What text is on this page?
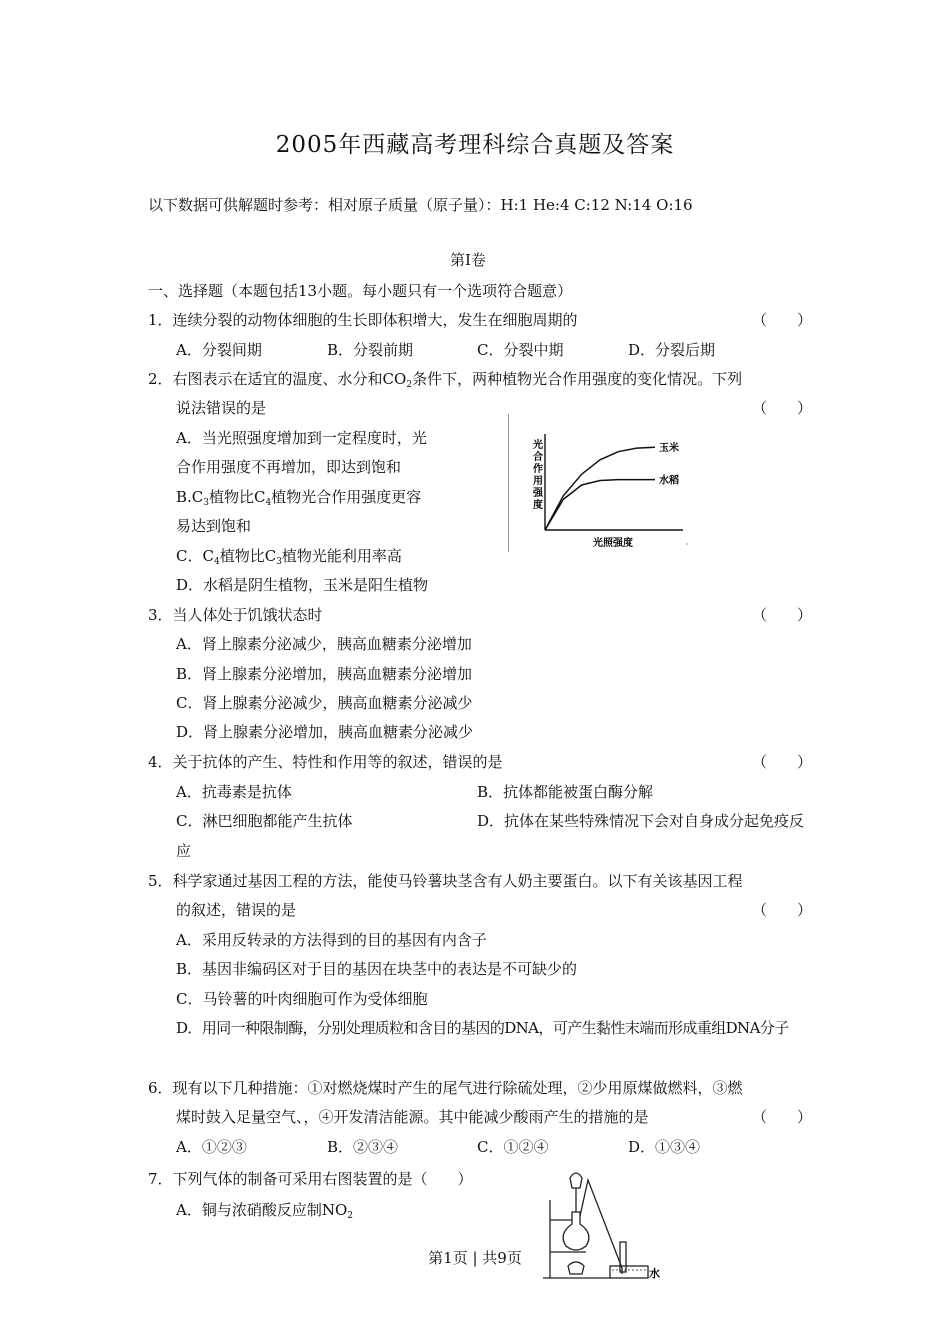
2005年西藏高考理科综合真题及答案
以下数据可供解题时参考：相对原子质量（原子量）：H:1 He:4 C:12 N:14 O:16
第Ⅰ卷
一、选择题（本题包括13小题。每小题只有一个选项符合题意）
1．连续分裂的动物体细胞的生长即体积增大，发生在细胞周期的	（　　）
A．分裂间期	B．分裂前期	C．分裂中期	D．分裂后期
2．右图表示在适宜的温度、水分和$CO_2$条件下，两种植物光合作用强度的变化情况。下列
说法错误的是	（　　）
A．当光照强度增加到一定程度时，光
合作用强度不再增加，即达到饱和
$B.C_3$植物比$C_4$植物光合作用强度更容
易达到饱和
C．$C_4$植物比$C_3$植物光能利用率高
D．水稻是阴生植物，玉米是阳生植物
玉米
水稻
光
合
作
用
强
度
光照强度
3．当人体处于饥饿状态时	（　　）
A．肾上腺素分泌减少，胰高血糖素分泌增加
B．肾上腺素分泌增加，胰高血糖素分泌增加
C．肾上腺素分泌减少，胰高血糖素分泌减少
D．肾上腺素分泌增加，胰高血糖素分泌减少
4．关于抗体的产生、特性和作用等的叙述，错误的是	（　　）
A．抗毒素是抗体	B．抗体都能被蛋白酶分解
C．淋巴细胞都能产生抗体	D．抗体在某些特殊情况下会对自身成分起免疫反
应
5．科学家通过基因工程的方法，能使马铃薯块茎含有人奶主要蛋白。以下有关该基因工程
的叙述，错误的是	（　　）
A．采用反转录的方法得到的目的基因有内含子
B．基因非编码区对于目的基因在块茎中的表达是不可缺少的
C．马铃薯的叶肉细胞可作为受体细胞
D．用同一种限制酶，分别处理质粒和含目的基因的DNA，可产生黏性末端而形成重组DNA分子
6．现有以下几种措施：①对燃烧煤时产生的尾气进行除硫处理，②少用原煤做燃料，③燃
煤时鼓入足量空气、，④开发清洁能源。其中能减少酸雨产生的措施的是	（　　）
A．①②③	B．②③④	C．①②④	D．①③④
7．下列气体的制备可采用右图装置的是（　　）
A．铜与浓硝酸反应制$NO_2$
水
第1页 | 共9页
